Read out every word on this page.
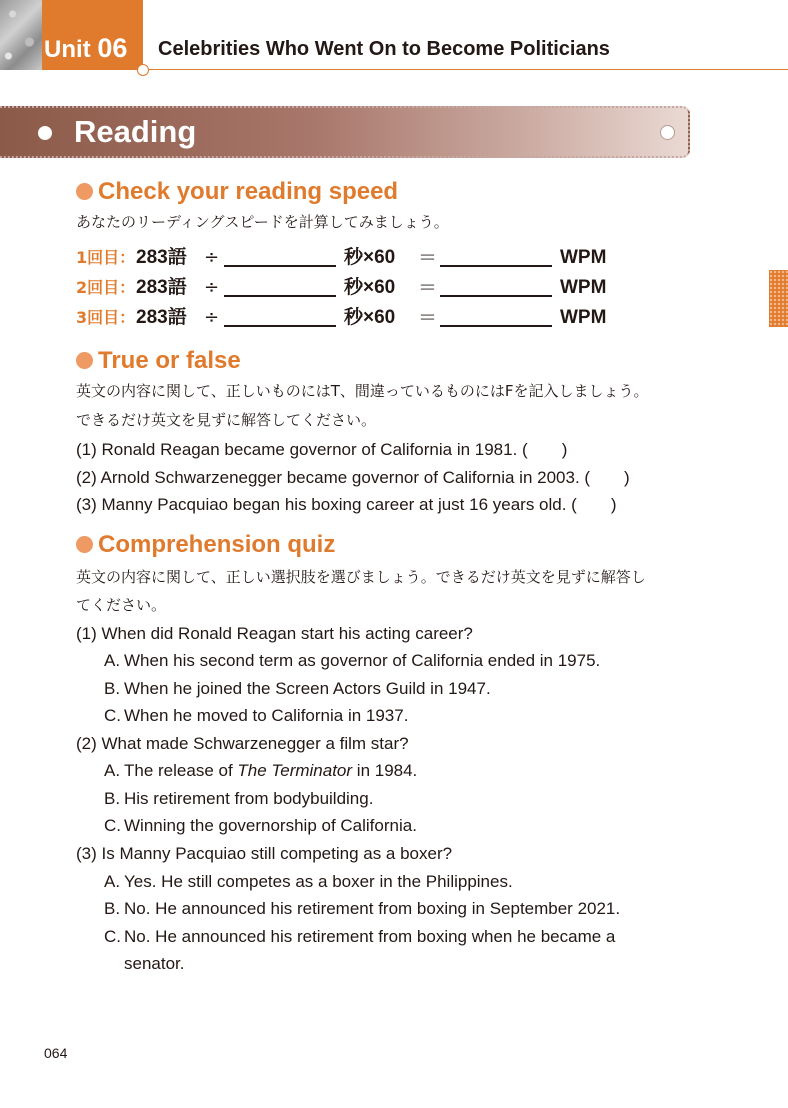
Unit 06 Celebrities Who Went On to Become Politicians
Reading
Check your reading speed
あなたのリーディングスピードを計算してみましょう。
1回目： 283語 ÷	秒×60 ＝	WPM
2回目： 283語 ÷	秒×60 ＝	WPM
3回目： 283語 ÷	秒×60 ＝	WPM
True or false
英文の内容に関して、正しいものにはT、間違っているものにはFを記入しましょう。
できるだけ英文を見ずに解答してください。
(1) Ronald Reagan became governor of California in 1981. (　　)
(2) Arnold Schwarzenegger became governor of California in 2003. (　　)
(3) Manny Pacquiao began his boxing career at just 16 years old. (　　)
Comprehension quiz
英文の内容に関して、正しい選択肢を選びましょう。できるだけ英文を見ずに解答し
てください。
(1) When did Ronald Reagan start his acting career?
A. When his second term as governor of California ended in 1975.
B. When he joined the Screen Actors Guild in 1947.
C. When he moved to California in 1937.
(2) What made Schwarzenegger a film star?
A. The release of The Terminator in 1984.
B. His retirement from bodybuilding.
C. Winning the governorship of California.
(3) Is Manny Pacquiao still competing as a boxer?
A. Yes. He still competes as a boxer in the Philippines.
B. No. He announced his retirement from boxing in September 2021.
C. No. He announced his retirement from boxing when he became a
senator.
064
